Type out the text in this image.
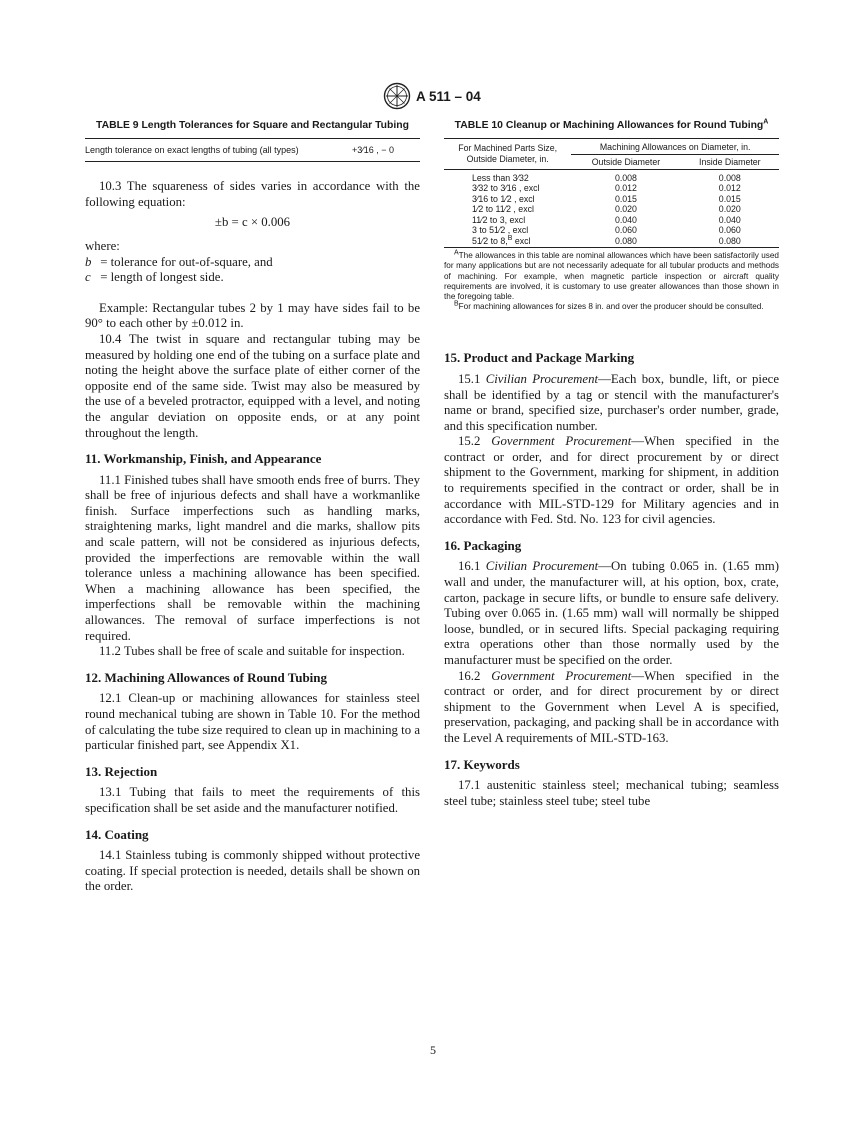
A 511 – 04
TABLE 9 Length Tolerances for Square and Rectangular Tubing
Length tolerance on exact lengths of tubing (all types)	+3⁄16 , − 0

10.3 The squareness of sides varies in accordance with the following equation:

±b = c × 0.006

where:

b = tolerance for out-of-square, and

c = length of longest side.

Example: Rectangular tubes 2 by 1 may have sides fail to be 90° to each other by ±0.012 in.

10.4 The twist in square and rectangular tubing may be measured by holding one end of the tubing on a surface plate and noting the height above the surface plate of either corner of the opposite end of the same side. Twist may also be measured by the use of a beveled protractor, equipped with a level, and noting the angular deviation on opposite ends, or at any point throughout the length.

11. Workmanship, Finish, and Appearance

11.1 Finished tubes shall have smooth ends free of burrs. They shall be free of injurious defects and shall have a workmanlike finish. Surface imperfections such as handling marks, straightening marks, light mandrel and die marks, shallow pits and scale pattern, will not be considered as injurious defects, provided the imperfections are removable within the wall tolerance unless a machining allowance has been specified. When a machining allowance has been specified, the imperfections shall be removable within the machining allowances. The removal of surface imperfections is not required.

11.2 Tubes shall be free of scale and suitable for inspection.

12. Machining Allowances of Round Tubing

12.1 Clean-up or machining allowances for stainless steel round mechanical tubing are shown in Table 10. For the method of calculating the tube size required to clean up in machining to a particular finished part, see Appendix X1.

13. Rejection

13.1 Tubing that fails to meet the requirements of this specification shall be set aside and the manufacturer notified.

14. Coating

14.1 Stainless tubing is commonly shipped without protective coating. If special protection is needed, details shall be shown on the order.

TABLE 10 Cleanup or Machining Allowances for Round Tubing$^A$
For Machined Parts Size, Outside Diameter, in.	Machining Allowances on Diameter, in.	
	Outside Diameter	Inside Diameter
Less than 3⁄32	0.008	0.008
3⁄32 to 3⁄16 , excl	0.012	0.012
3⁄16 to 1⁄2 , excl	0.015	0.015
1⁄2 to 11⁄2 , excl	0.020	0.020
11⁄2 to 3, excl	0.040	0.040
3 to 51⁄2 , excl	0.060	0.060
51⁄2 to 8,$^B$ excl	0.080	0.080
$^A$The allowances in this table are nominal allowances which have been satisfactorily used for many applications but are not necessarily adequate for all tubular products and methods of machining. For example, when magnetic particle inspection or aircraft quality requirements are involved, it is customary to use greater allowances than those shown in the foregoing table.
$^B$For machining allowances for sizes 8 in. and over the producer should be consulted.
15. Product and Package Marking

15.1 Civilian Procurement—Each box, bundle, lift, or piece shall be identified by a tag or stencil with the manufacturer's name or brand, specified size, purchaser's order number, grade, and this specification number.

15.2 Government Procurement—When specified in the contract or order, and for direct procurement by or direct shipment to the Government, marking for shipment, in addition to requirements specified in the contract or order, shall be in accordance with MIL-STD-129 for Military agencies and in accordance with Fed. Std. No. 123 for civil agencies.

16. Packaging

16.1 Civilian Procurement—On tubing 0.065 in. (1.65 mm) wall and under, the manufacturer will, at his option, box, crate, carton, package in secure lifts, or bundle to ensure safe delivery. Tubing over 0.065 in. (1.65 mm) wall will normally be shipped loose, bundled, or in secured lifts. Special packaging requiring extra operations other than those normally used by the manufacturer must be specified on the order.

16.2 Government Procurement—When specified in the contract or order, and for direct procurement by or direct shipment to the Government when Level A is specified, preservation, packaging, and packing shall be in accordance with the Level A requirements of MIL-STD-163.

17. Keywords

17.1 austenitic stainless steel; mechanical tubing; seamless steel tube; stainless steel tube; steel tube

5
